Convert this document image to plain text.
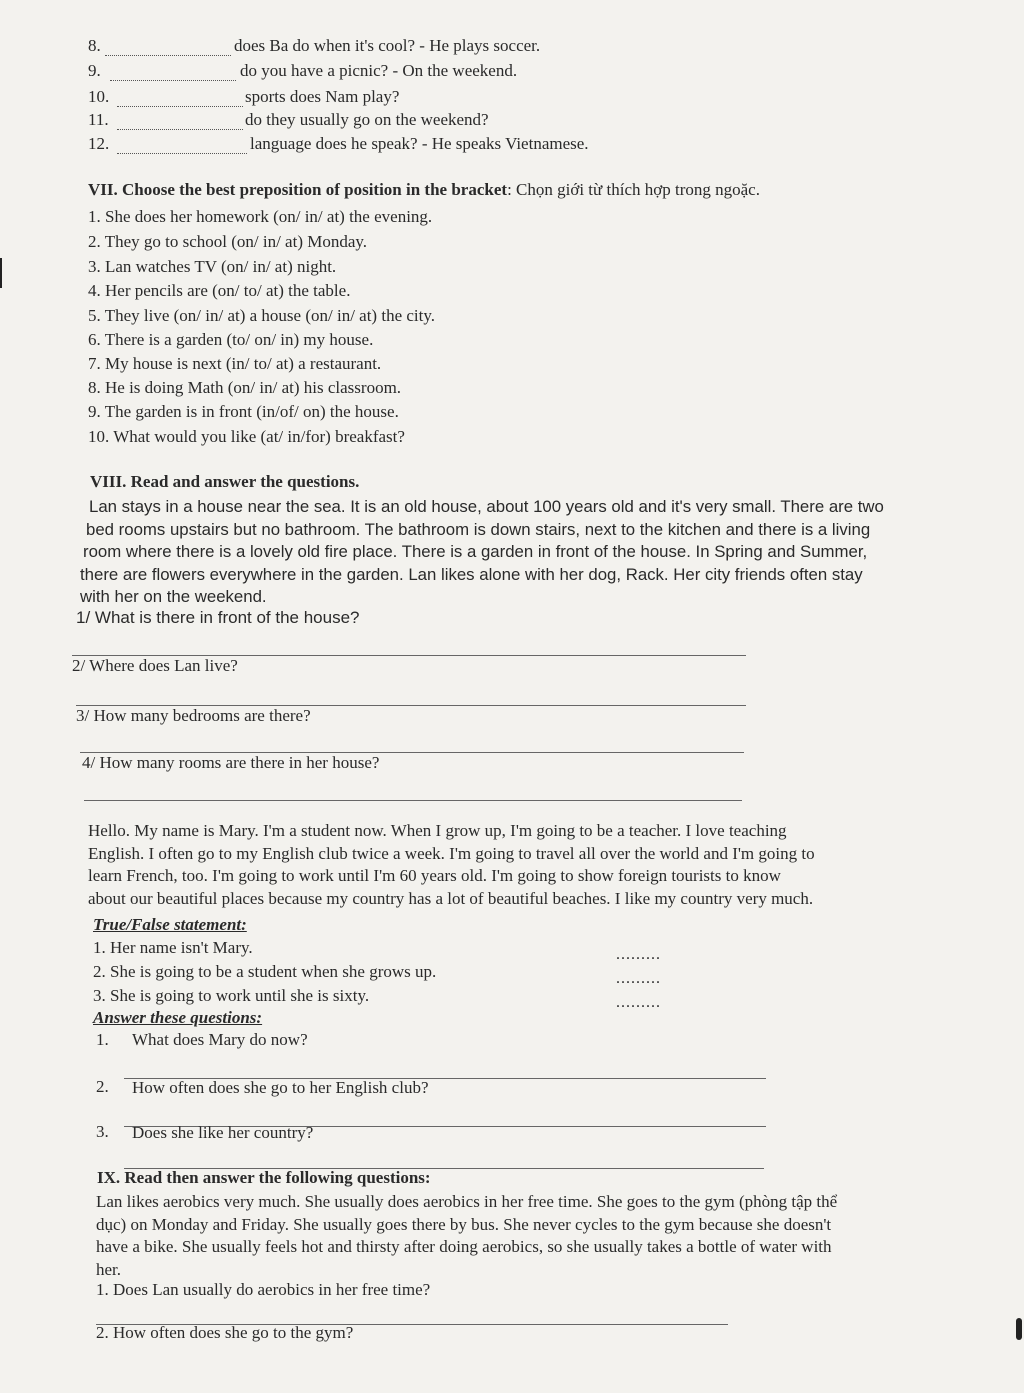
8.	does Ba do when it's cool? - He plays soccer.
9.	do you have a picnic? - On the weekend.
10.	sports does Nam play?
11.	do they usually go on the weekend?
12.	language does he speak? - He speaks Vietnamese.
VII. Choose the best preposition of position in the bracket: Chọn giới từ thích hợp trong ngoặc.
1. She does her homework (on/ in/ at) the evening.
2. They go to school (on/ in/ at) Monday.
3. Lan watches TV (on/ in/ at) night.
4. Her pencils are (on/ to/ at) the table.
5. They live (on/ in/ at) a house (on/ in/ at) the city.
6. There is a garden (to/ on/ in) my house.
7. My house is next (in/ to/ at) a restaurant.
8. He is doing Math (on/ in/ at) his classroom.
9. The garden is in front (in/of/ on) the house.
10. What would you like (at/ in/for) breakfast?
VIII. Read and answer the questions.
Lan stays in a house near the sea. It is an old house, about 100 years old and it's very small. There are two
bed rooms upstairs but no bathroom. The bathroom is down stairs, next to the kitchen and there is a living
room where there is a lovely old fire place. There is a garden in front of the house. In Spring and Summer,
there are flowers everywhere in the garden. Lan likes alone with her dog, Rack. Her city friends often stay
with her on the weekend.
1/ What is there in front of the house?
2/ Where does Lan live?
3/ How many bedrooms are there?
4/ How many rooms are there in her house?
Hello. My name is Mary. I'm a student now. When I grow up, I'm going to be a teacher. I love teaching
English. I often go to my English club twice a week. I'm going to travel all over the world and I'm going to
learn French, too. I'm going to work until I'm 60 years old. I'm going to show foreign tourists to know
about our beautiful places because my country has a lot of beautiful beaches. I like my country very much.
True/False statement:
1. Her name isn't Mary.	.........
2. She is going to be a student when she grows up.	.........
3. She is going to work until she is sixty.	.........
Answer these questions:
1. What does Mary do now?
2. How often does she go to her English club?
3. Does she like her country?
IX. Read then answer the following questions:
Lan likes aerobics very much. She usually does aerobics in her free time. She goes to the gym (phòng tập thể
dục) on Monday and Friday. She usually goes there by bus. She never cycles to the gym because she doesn't
have a bike. She usually feels hot and thirsty after doing aerobics, so she usually takes a bottle of water with
her.
1. Does Lan usually do aerobics in her free time?
2. How often does she go to the gym?
